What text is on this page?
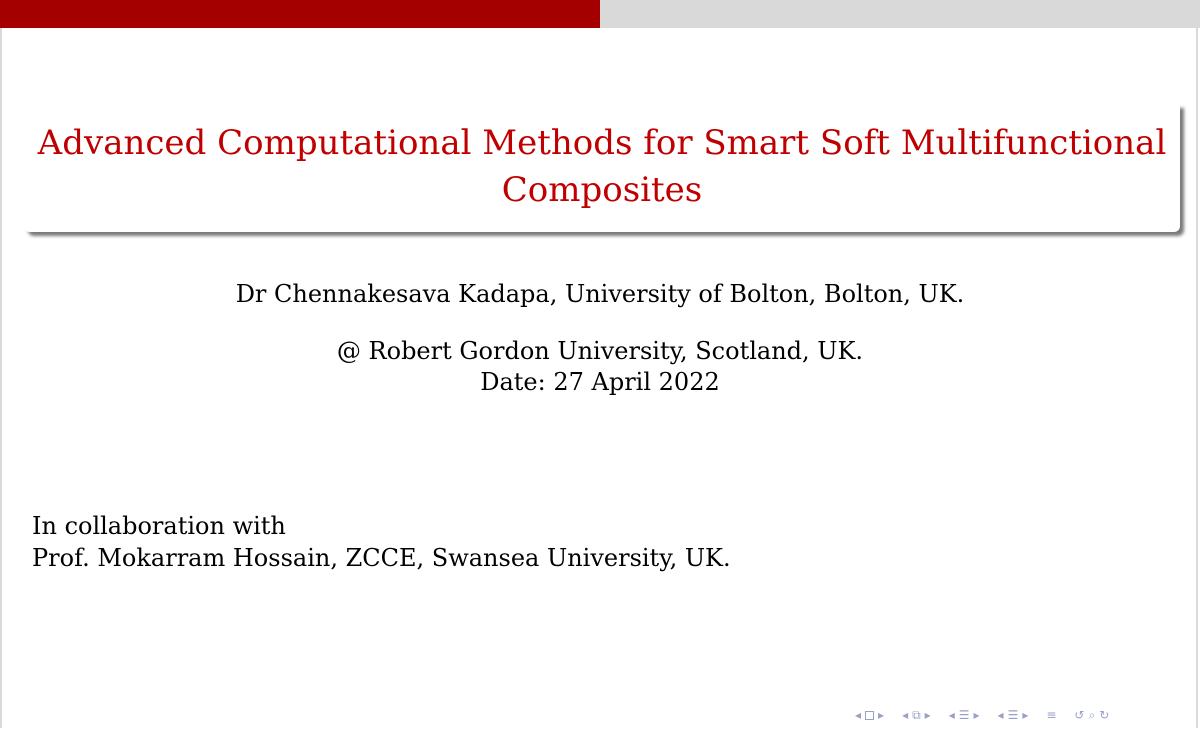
Advanced Computational Methods for Smart Soft Multifunctional
Composites
Dr Chennakesava Kadapa, University of Bolton, Bolton, UK.
@ Robert Gordon University, Scotland, UK.
Date: 27 April 2022
In collaboration with
Prof. Mokarram Hossain, ZCCE, Swansea University, UK.
◂ ▸ ◂ ⧉ ▸ ◂ ☰ ▸ ◂ ☰ ▸ ≡ ↺ ⌕ ↻
